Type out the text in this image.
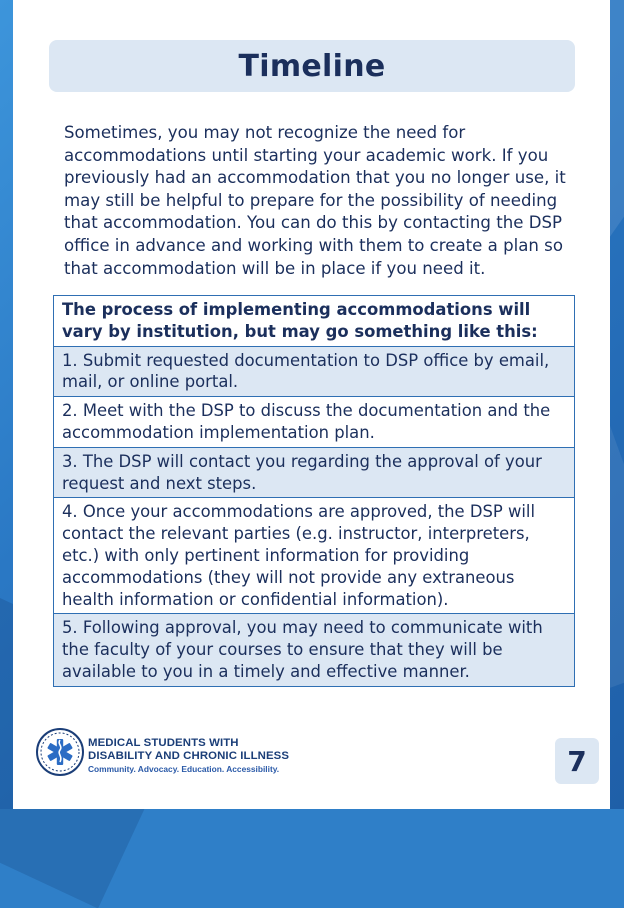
Timeline
Sometimes, you may not recognize the need for accommodations until starting your academic work. If you previously had an accommodation that you no longer use, it may still be helpful to prepare for the possibility of needing that accommodation. You can do this by contacting the DSP office in advance and working with them to create a plan so that accommodation will be in place if you need it.
The process of implementing accommodations will vary by institution, but may go something like this:
1. Submit requested documentation to DSP office by email, mail, or online portal.
2. Meet with the DSP to discuss the documentation and the accommodation implementation plan.
3. The DSP will contact you regarding the approval of your request and next steps.
4. Once your accommodations are approved, the DSP will contact the relevant parties (e.g. instructor, interpreters, etc.) with only pertinent information for providing accommodations (they will not provide any extraneous health information or confidential information).
5. Following approval, you may need to communicate with the faculty of your courses to ensure that they will be available to you in a timely and effective manner.
MEDICAL STUDENTS WITH
DISABILITY AND CHRONIC ILLNESS
Community. Advocacy. Education. Accessibility.	7
